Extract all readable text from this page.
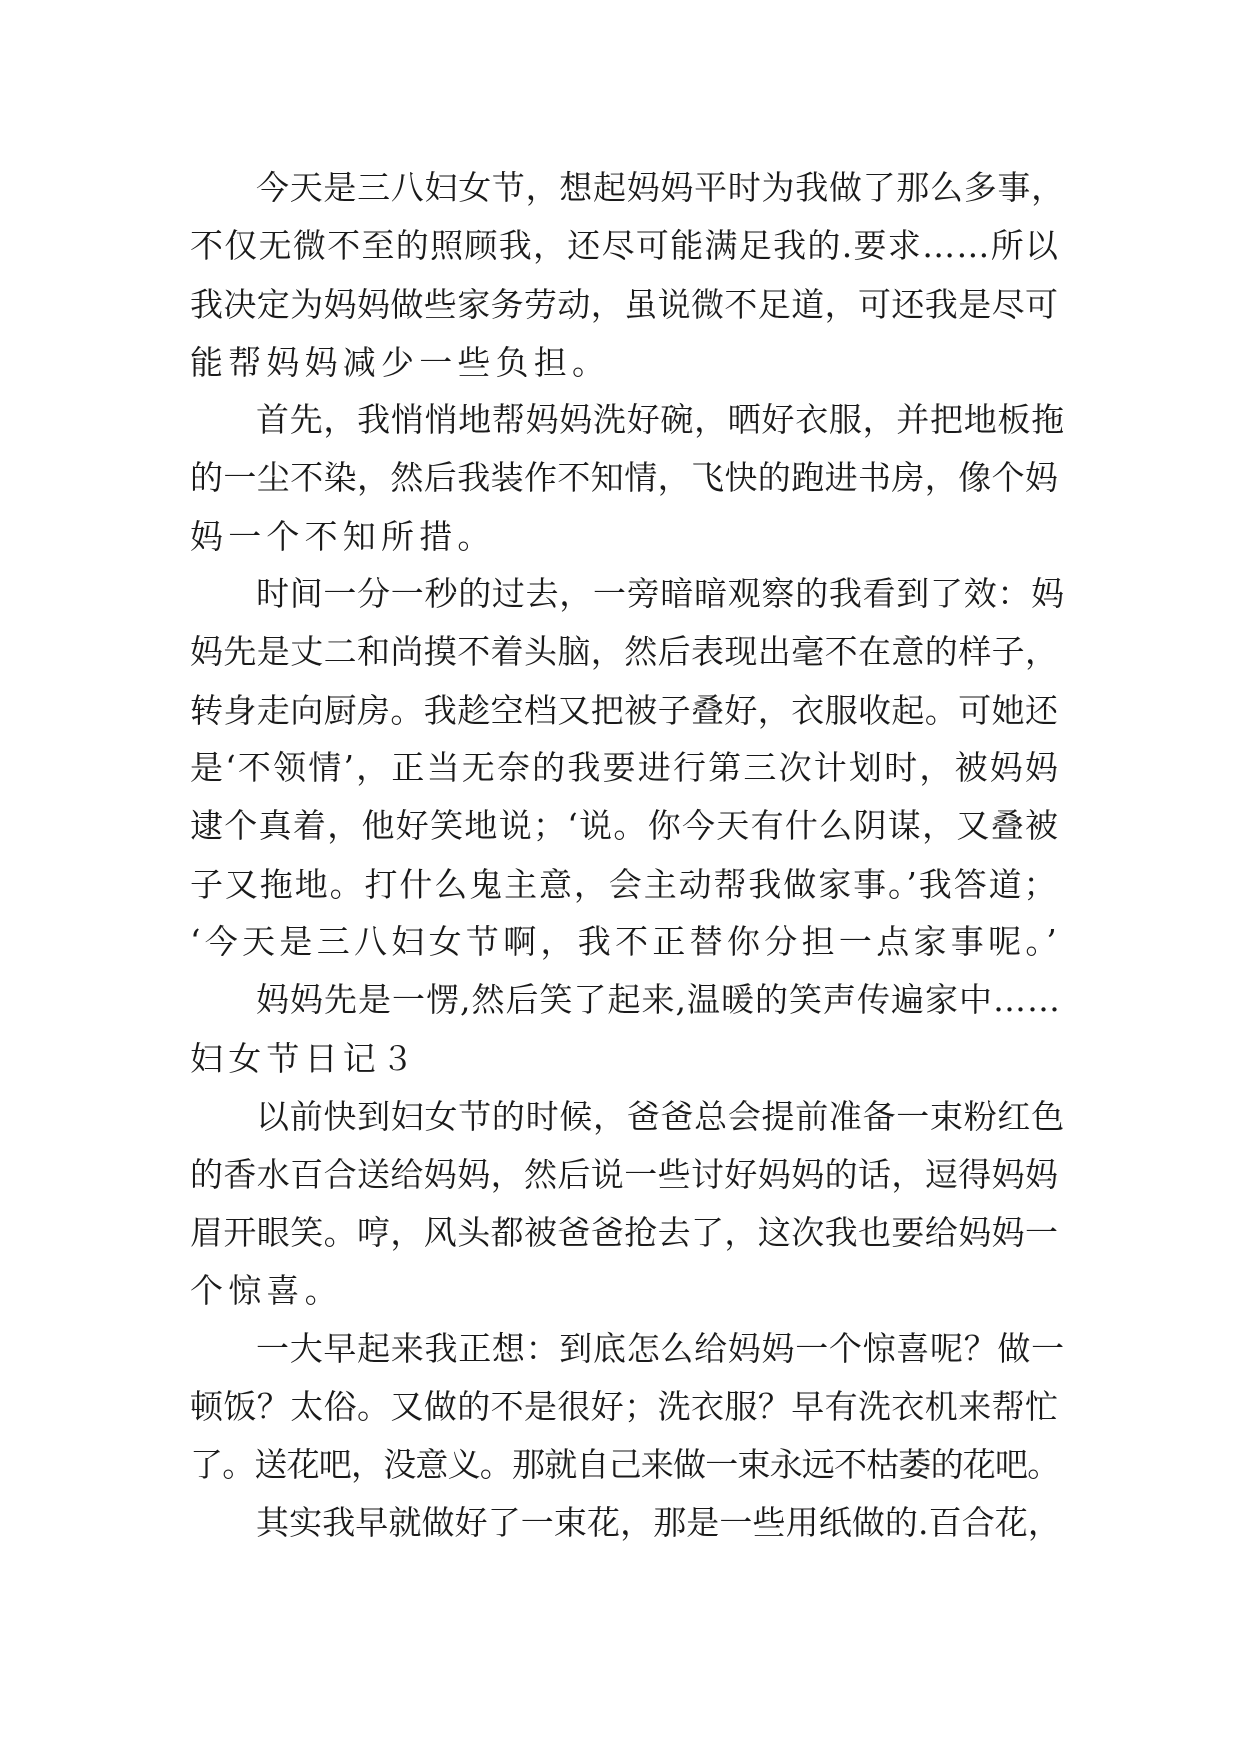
今天是三八妇女节，想起妈妈平时为我做了那么多事，
不仅无微不至的照顾我，还尽可能满足我的.要求……所以
我决定为妈妈做些家务劳动，虽说微不足道，可还我是尽可
能帮妈妈减少一些负担。
首先，我悄悄地帮妈妈洗好碗，晒好衣服，并把地板拖
的一尘不染，然后我装作不知情，飞快的跑进书房，像个妈
妈一个不知所措。
时间一分一秒的过去，一旁暗暗观察的我看到了效：妈
妈先是丈二和尚摸不着头脑，然后表现出毫不在意的样子，
转身走向厨房。我趁空档又把被子叠好，衣服收起。可她还
是‘不领情’，正当无奈的我要进行第三次计划时，被妈妈
逮个真着，他好笑地说；‘说。你今天有什么阴谋，又叠被
子又拖地。打什么鬼主意，会主动帮我做家事。’我答道；
‘今天是三八妇女节啊，我不正替你分担一点家事呢。’
妈妈先是一愣,然后笑了起来,温暖的笑声传遍家中……
妇女节日记３
以前快到妇女节的时候，爸爸总会提前准备一束粉红色
的香水百合送给妈妈，然后说一些讨好妈妈的话，逗得妈妈
眉开眼笑。哼，风头都被爸爸抢去了，这次我也要给妈妈一
个惊喜。
一大早起来我正想：到底怎么给妈妈一个惊喜呢？做一
顿饭？太俗。又做的不是很好；洗衣服？早有洗衣机来帮忙
了。送花吧，没意义。那就自己来做一束永远不枯萎的花吧。
其实我早就做好了一束花，那是一些用纸做的.百合花，
